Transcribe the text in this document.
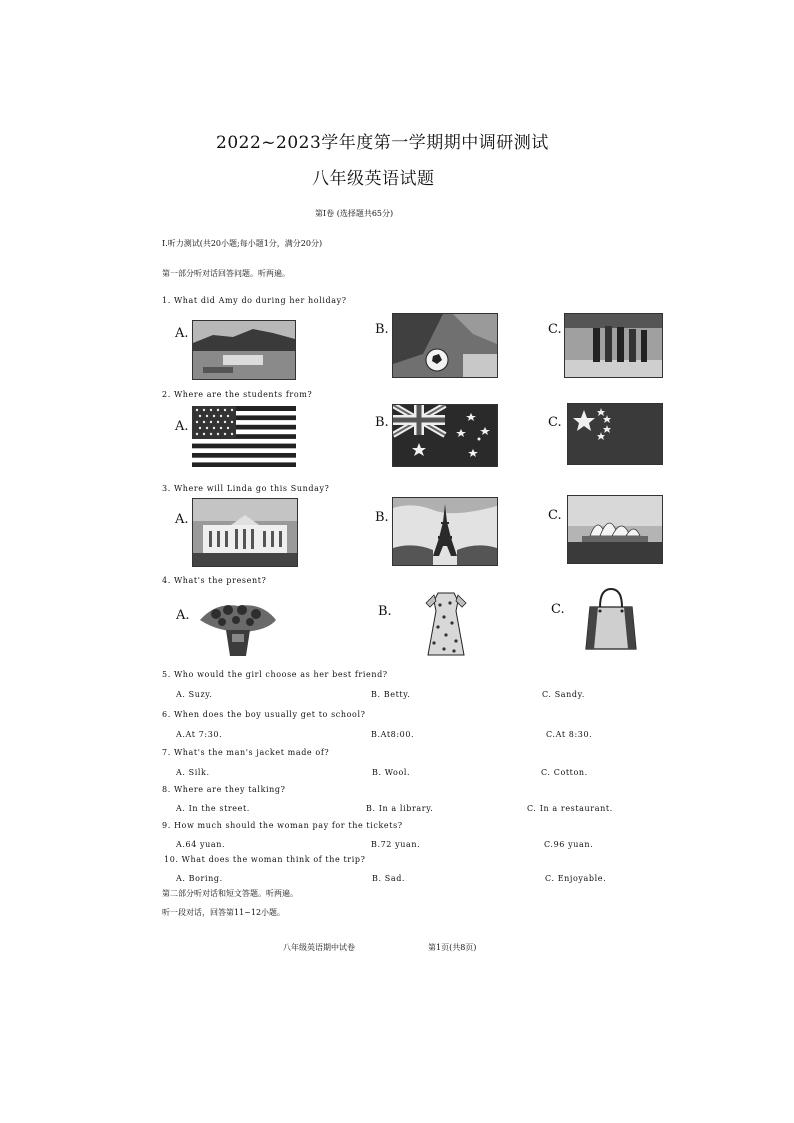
2022~2023学年度第一学期期中调研测试
八年级英语试题
第Ⅰ卷 (选择题共65分)
Ⅰ.听力测试(共20小题;每小题1分，满分20分)
第一部分听对话回答问题。听两遍。
1. What did Amy do during her holiday?
A.	B.	C.
2. Where are the students from?
A.	B.	C.
3. Where will Linda go this Sunday?
A.	B.	C.
4. What's the present?
A.	B.	C.
5. Who would the girl choose as her best friend?
A. Suzy.	B. Betty.	C. Sandy.
6. When does the boy usually get to school?
A.At 7:30.	B.At8:00.	C.At 8:30.
7. What's the man's jacket made of?
A. Silk.	B. Wool.	C. Cotton.
8. Where are they talking?
A. In the street.	B. In a library.	C. In a restaurant.
9. How much should the woman pay for the tickets?
A.64 yuan.	B.72 yuan.	C.96 yuan.
10. What does the woman think of the trip?
A. Boring.	B. Sad.	C. Enjoyable.
第二部分听对话和短文答题。听两遍。
听一段对话，回答第11~12小题。
八年级英语期中试卷	第1页(共8页)
